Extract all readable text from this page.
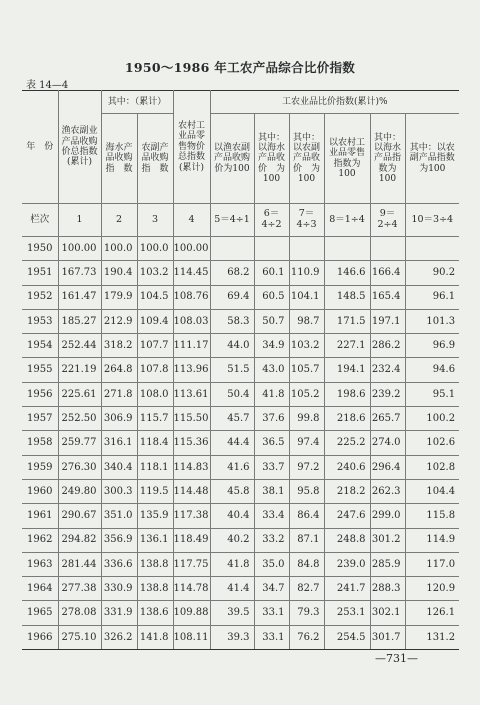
1950～1986 年工农产品综合比价指数
表 14—4
年　份	渔农副业产品收购价总指数(累计)	其中：（累计）		农村工业品零售物价总指数(累计)	工农业品比价指数(累计)%					
		海水产品收购指　数	农副产品收购指　数		以渔农副产品收购价为100	其中：以海水产品收价　为100	其中：以农副产品收价　为100	以农村工业品零售指数为100	其中：以海水产品指数为100	其中：以农副产品指数为100
栏次	1	2	3	4	5＝4÷1	6＝4÷2	7＝4÷3	8＝1÷4	9＝2÷4	10＝3÷4
1950	100.00	100.0	100.0	100.00						
1951	167.73	190.4	103.2	114.45	68.2	60.1	110.9	146.6	166.4	90.2
1952	161.47	179.9	104.5	108.76	69.4	60.5	104.1	148.5	165.4	96.1
1953	185.27	212.9	109.4	108.03	58.3	50.7	98.7	171.5	197.1	101.3
1954	252.44	318.2	107.7	111.17	44.0	34.9	103.2	227.1	286.2	96.9
1955	221.19	264.8	107.8	113.96	51.5	43.0	105.7	194.1	232.4	94.6
1956	225.61	271.8	108.0	113.61	50.4	41.8	105.2	198.6	239.2	95.1
1957	252.50	306.9	115.7	115.50	45.7	37.6	99.8	218.6	265.7	100.2
1958	259.77	316.1	118.4	115.36	44.4	36.5	97.4	225.2	274.0	102.6
1959	276.30	340.4	118.1	114.83	41.6	33.7	97.2	240.6	296.4	102.8
1960	249.80	300.3	119.5	114.48	45.8	38.1	95.8	218.2	262.3	104.4
1961	290.67	351.0	135.9	117.38	40.4	33.4	86.4	247.6	299.0	115.8
1962	294.82	356.9	136.1	118.49	40.2	33.2	87.1	248.8	301.2	114.9
1963	281.44	336.6	138.8	117.75	41.8	35.0	84.8	239.0	285.9	117.0
1964	277.38	330.9	138.8	114.78	41.4	34.7	82.7	241.7	288.3	120.9
1965	278.08	331.9	138.6	109.88	39.5	33.1	79.3	253.1	302.1	126.1
1966	275.10	326.2	141.8	108.11	39.3	33.1	76.2	254.5	301.7	131.2
—731—
